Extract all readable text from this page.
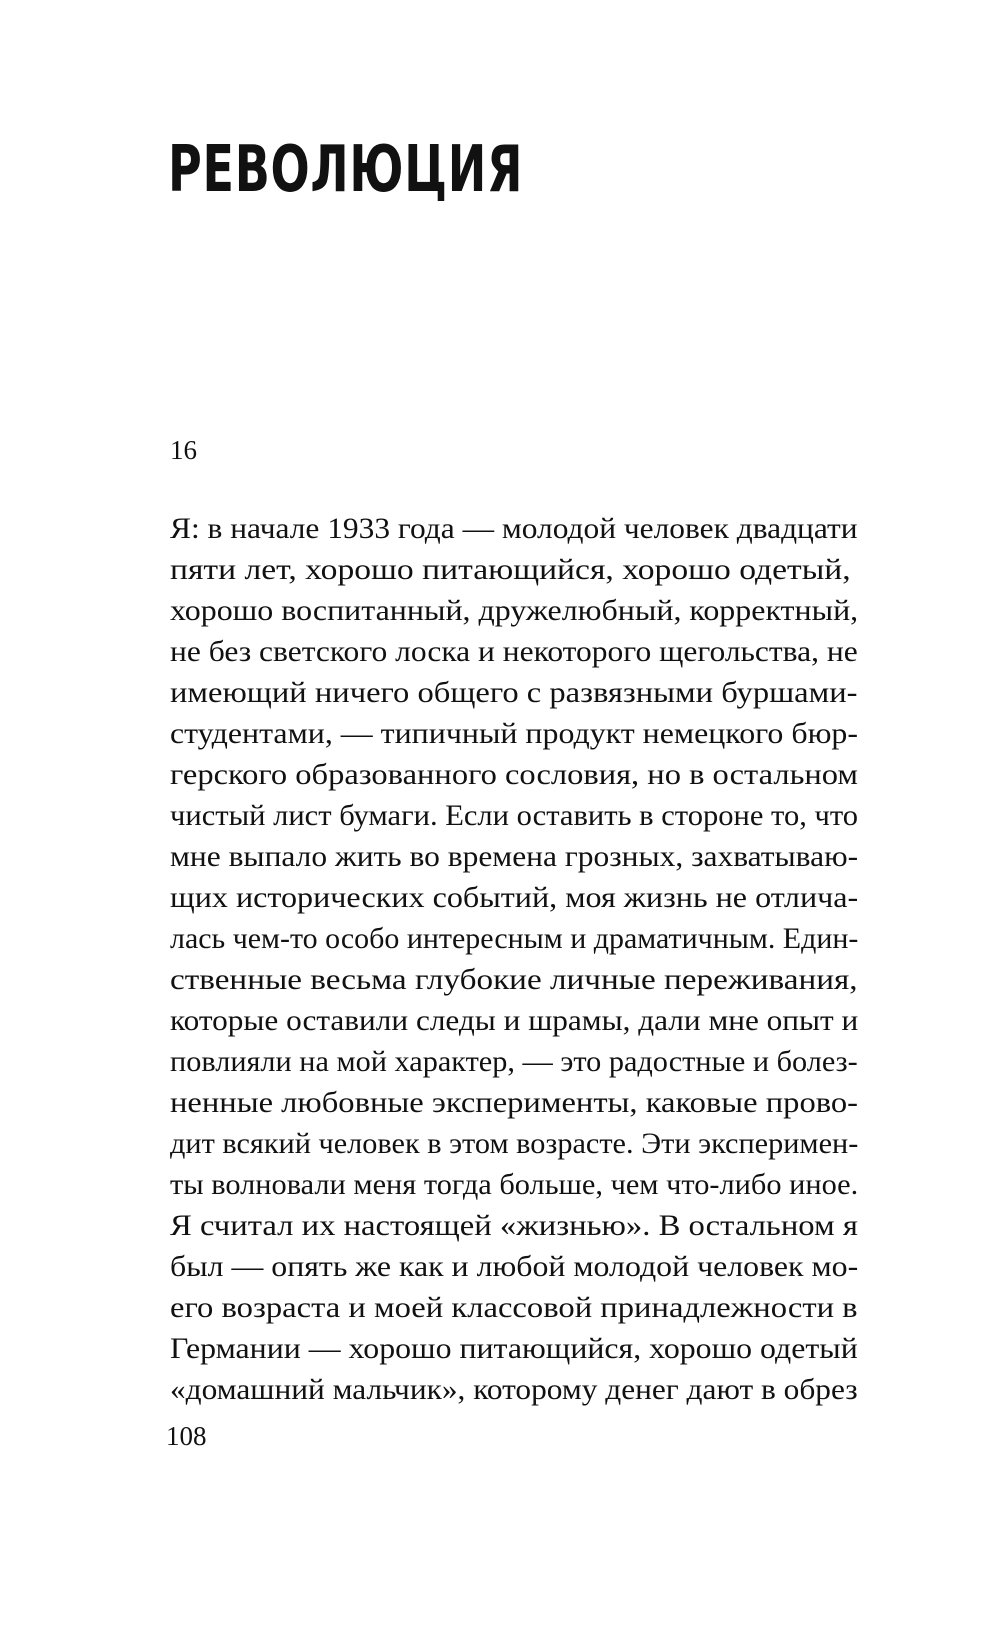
РЕВОЛЮЦИЯ
16
Я: в начале 1933 года — молодой человек двадцати
пяти лет, хорошо питающийся, хорошо одетый,
хорошо воспитанный, дружелюбный, корректный,
не без светского лоска и некоторого щегольства, не
имеющий ничего общего с развязными буршами-
студентами, — типичный продукт немецкого бюр-
герского образованного сословия, но в остальном
чистый лист бумаги. Если оставить в стороне то, что
мне выпало жить во времена грозных, захватываю-
щих исторических событий, моя жизнь не отлича-
лась чем-то особо интересным и драматичным. Един-
ственные весьма глубокие личные переживания,
которые оставили следы и шрамы, дали мне опыт и
повлияли на мой характер, — это радостные и болез-
ненные любовные эксперименты, каковые прово-
дит всякий человек в этом возрасте. Эти эксперимен-
ты волновали меня тогда больше, чем что-либо иное.
Я считал их настоящей «жизнью». В остальном я
был — опять же как и любой молодой человек мо-
его возраста и моей классовой принадлежности в
Германии — хорошо питающийся, хорошо одетый
«домашний мальчик», которому денег дают в обрез
108
